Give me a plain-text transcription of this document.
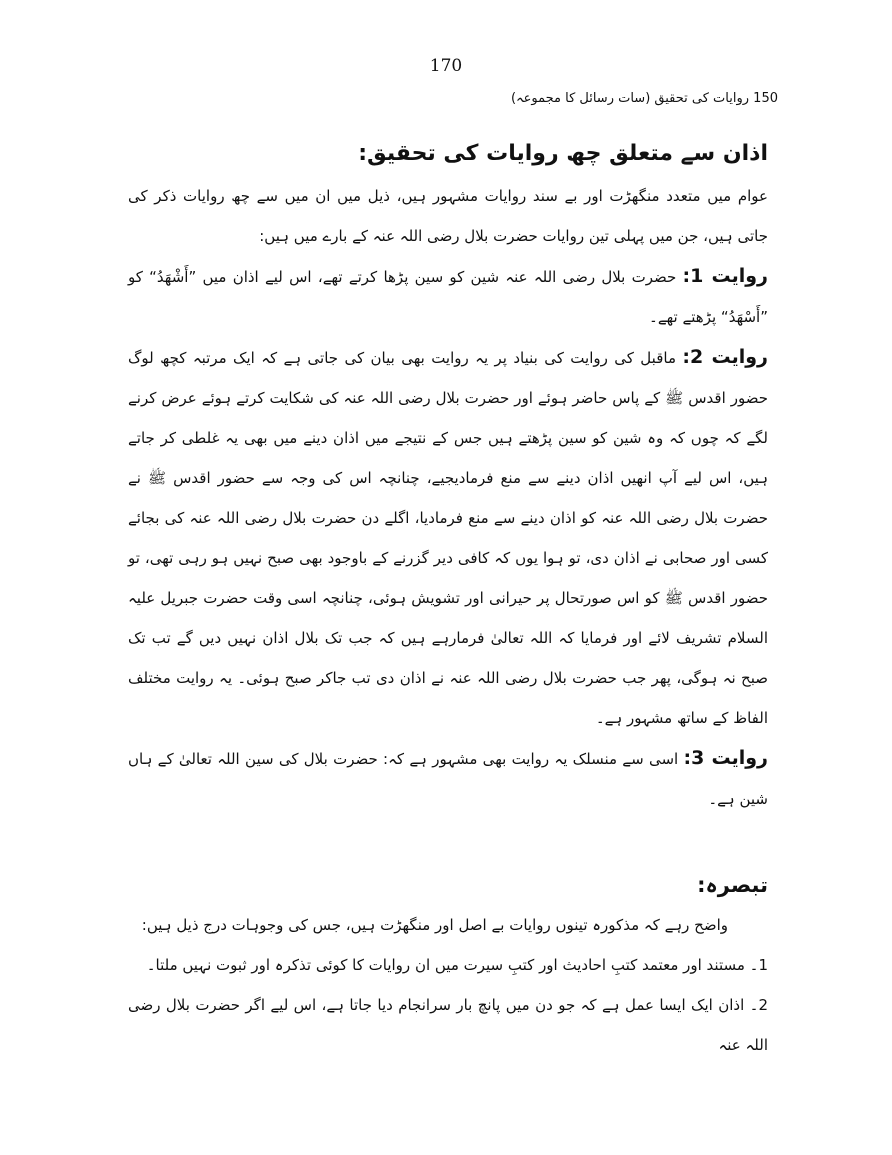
170
150 روایات کی تحقیق (سات رسائل کا مجموعہ)
اذان سے متعلق چھ روایات کی تحقیق:

عوام میں متعدد منگھڑت اور بے سند روایات مشہور ہیں، ذیل میں ان میں سے چھ روایات ذکر کی جاتی ہیں، جن میں پہلی تین روایات حضرت بلال رضی اللہ عنہ کے بارے میں ہیں:

روایت 1: حضرت بلال رضی اللہ عنہ شین کو سین پڑھا کرتے تھے، اس لیے اذان میں ”أَشْهَدُ“ کو ”أَسْهَدُ“ پڑھتے تھے۔

روایت 2: ماقبل کی روایت کی بنیاد پر یہ روایت بھی بیان کی جاتی ہے کہ ایک مرتبہ کچھ لوگ حضور اقدس ﷺ کے پاس حاضر ہوئے اور حضرت بلال رضی اللہ عنہ کی شکایت کرتے ہوئے عرض کرنے لگے کہ چوں کہ وہ شین کو سین پڑھتے ہیں جس کے نتیجے میں اذان دینے میں بھی یہ غلطی کر جاتے ہیں، اس لیے آپ انھیں اذان دینے سے منع فرمادیجیے، چنانچہ اس کی وجہ سے حضور اقدس ﷺ نے حضرت بلال رضی اللہ عنہ کو اذان دینے سے منع فرمادیا، اگلے دن حضرت بلال رضی اللہ عنہ کی بجائے کسی اور صحابی نے اذان دی، تو ہوا یوں کہ کافی دیر گزرنے کے باوجود بھی صبح نہیں ہو رہی تھی، تو حضور اقدس ﷺ کو اس صورتحال پر حیرانی اور تشویش ہوئی، چنانچہ اسی وقت حضرت جبریل علیہ السلام تشریف لائے اور فرمایا کہ اللہ تعالیٰ فرمارہے ہیں کہ جب تک بلال اذان نہیں دیں گے تب تک صبح نہ ہوگی، پھر جب حضرت بلال رضی اللہ عنہ نے اذان دی تب جاکر صبح ہوئی۔ یہ روایت مختلف الفاظ کے ساتھ مشہور ہے۔

روایت 3: اسی سے منسلک یہ روایت بھی مشہور ہے کہ: حضرت بلال کی سین اللہ تعالیٰ کے ہاں شین ہے۔

تبصرہ:

واضح رہے کہ مذکورہ تینوں روایات بے اصل اور منگھڑت ہیں، جس کی وجوہات درج ذیل ہیں:

1۔ مستند اور معتمد کتبِ احادیث اور کتبِ سیرت میں ان روایات کا کوئی تذکرہ اور ثبوت نہیں ملتا۔

2۔ اذان ایک ایسا عمل ہے کہ جو دن میں پانچ بار سرانجام دیا جاتا ہے، اس لیے اگر حضرت بلال رضی اللہ عنہ
